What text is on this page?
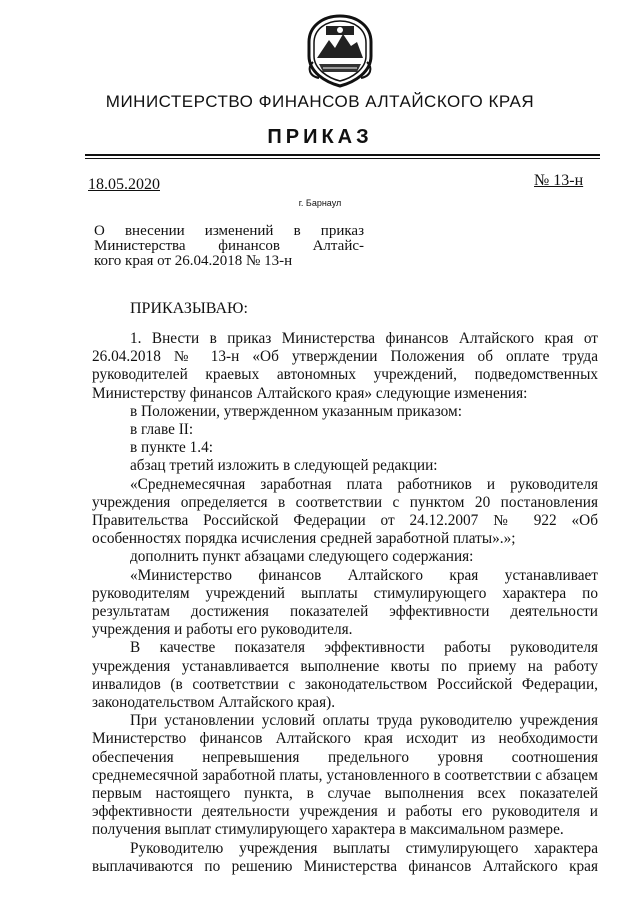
МИНИСТЕРСТВО ФИНАНСОВ АЛТАЙСКОГО КРАЯ
ПРИКАЗ
18.05.2020	№ 13-н
г. Барнаул
О внесении изменений в приказ
Министерства финансов Алтайс-
кого края от 26.04.2018 № 13-н
ПРИКАЗЫВАЮ:

1. Внести в приказ Министерства финансов Алтайского края от 26.04.2018 № 13-н «Об утверждении Положения об оплате труда руководителей краевых автономных учреждений, подведомственных Министерству финансов Алтайского края» следующие изменения:

в Положении, утвержденном указанным приказом:

в главе II:

в пункте 1.4:

абзац третий изложить в следующей редакции:

«Среднемесячная заработная плата работников и руководителя учреждения определяется в соответствии с пунктом 20 постановления Правительства Российской Федерации от 24.12.2007 № 922 «Об особенностях порядка исчисления средней заработной платы».»;

дополнить пункт абзацами следующего содержания:

«Министерство финансов Алтайского края устанавливает руководителям учреждений выплаты стимулирующего характера по результатам достижения показателей эффективности деятельности учреждения и работы его руководителя.

В качестве показателя эффективности работы руководителя учреждения устанавливается выполнение квоты по приему на работу инвалидов (в соответствии с законодательством Российской Федерации, законодательством Алтайского края).

При установлении условий оплаты труда руководителю учреждения Министерство финансов Алтайского края исходит из необходимости обеспечения непревышения предельного уровня соотношения среднемесячной заработной платы, установленного в соответствии с абзацем первым настоящего пункта, в случае выполнения всех показателей эффективности деятельности учреждения и работы его руководителя и получения выплат стимулирующего характера в максимальном размере.

Руководителю учреждения выплаты стимулирующего характера выплачиваются по решению Министерства финансов Алтайского края
